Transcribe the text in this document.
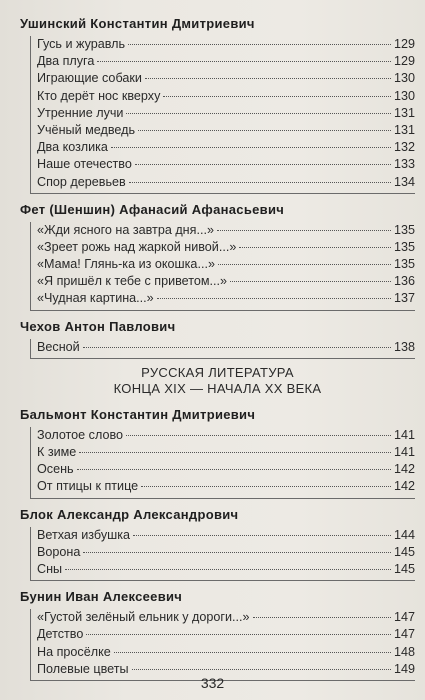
Ушинский Константин Дмитриевич
Гусь и журавль	129
Два плуга	129
Играющие собаки	130
Кто дерёт нос кверху	130
Утренние лучи	131
Учёный медведь	131
Два козлика	132
Наше отечество	133
Спор деревьев	134
Фет (Шеншин) Афанасий Афанасьевич
«Жди ясного на завтра дня...»	135
«Зреет рожь над жаркой нивой...»	135
«Мама! Глянь-ка из окошка...»	135
«Я пришёл к тебе с приветом...»	136
«Чудная картина...»	137
Чехов Антон Павлович
Весной	138
РУССКАЯ ЛИТЕРАТУРА
КОНЦА XIX — НАЧАЛА XX ВЕКА
Бальмонт Константин Дмитриевич
Золотое слово	141
К зиме	141
Осень	142
От птицы к птице	142
Блок Александр Александрович
Ветхая избушка	144
Ворона	145
Сны	145
Бунин Иван Алексеевич
«Густой зелёный ельник у дороги...»	147
Детство	147
На просёлке	148
Полевые цветы	149
332
